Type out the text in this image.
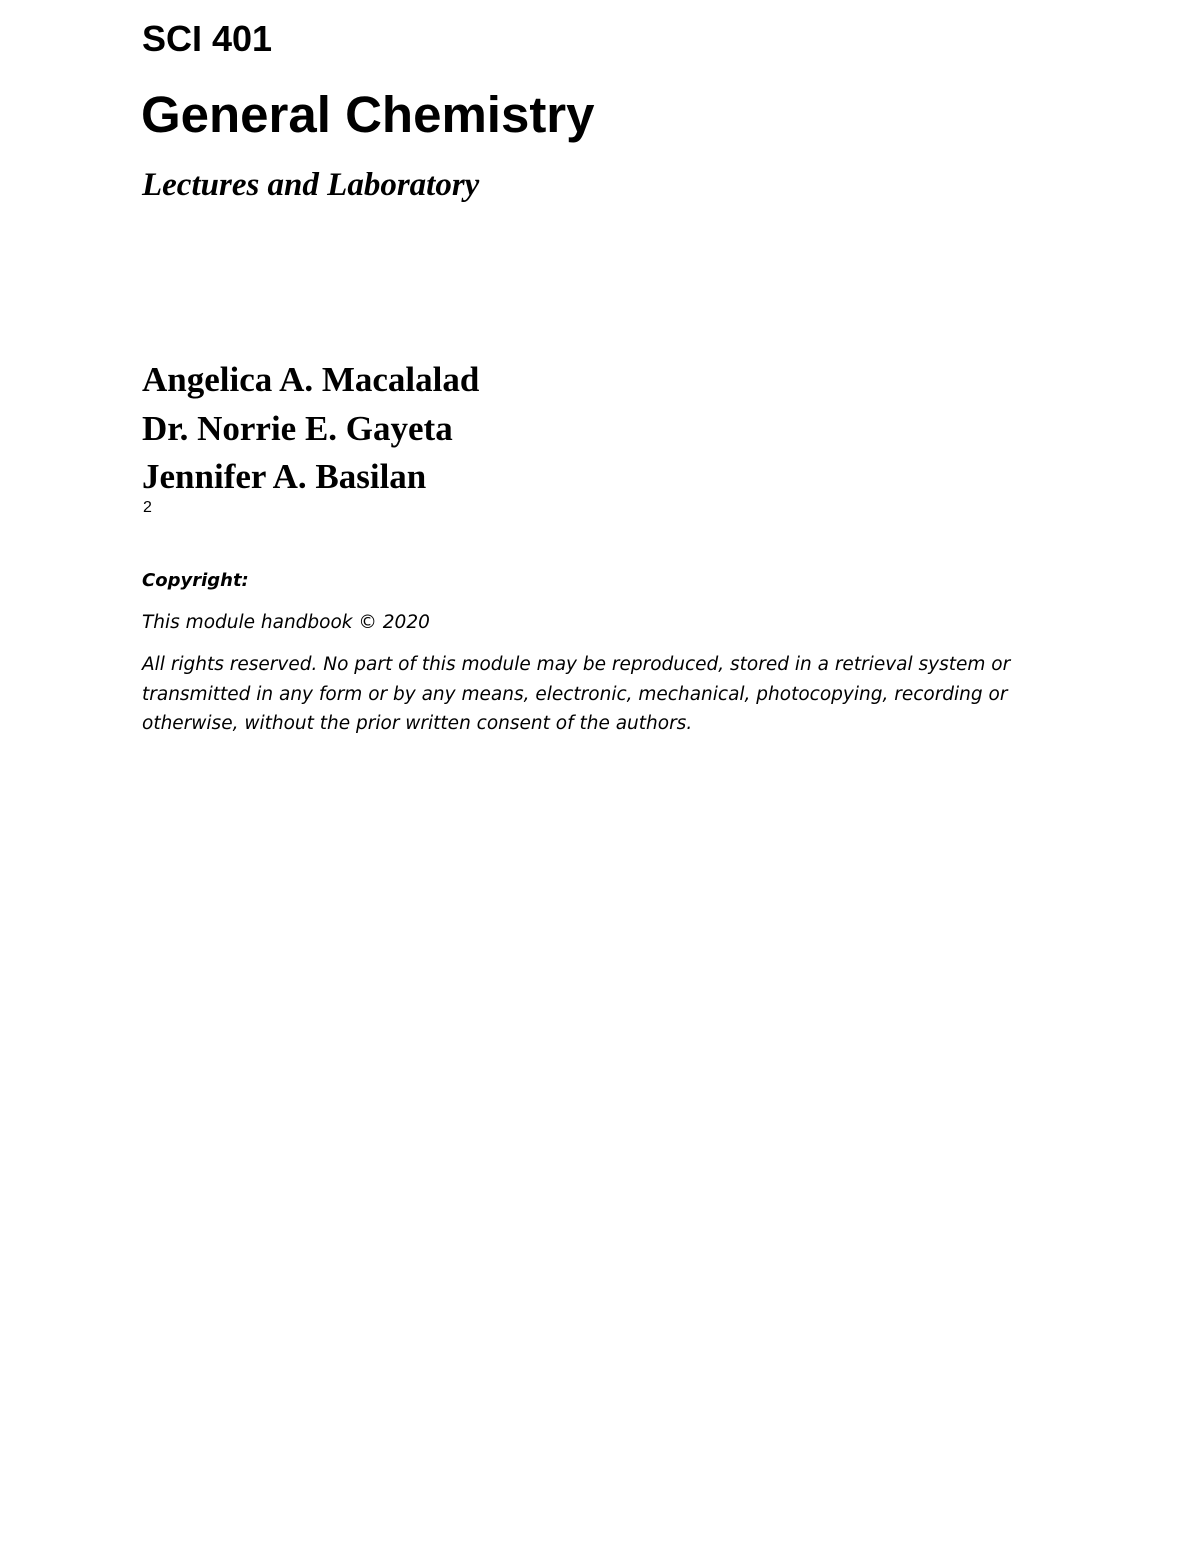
SCI 401
General Chemistry

Lectures and Laboratory

Angelica A. Macalalad
Dr. Norrie E. Gayeta
Jennifer A. Basilan

2

Copyright:

This module handbook © 2020

All rights reserved. No part of this module may be reproduced, stored in a retrieval system or transmitted in any form or by any means, electronic, mechanical, photocopying, recording or otherwise, without the prior written consent of the authors.
